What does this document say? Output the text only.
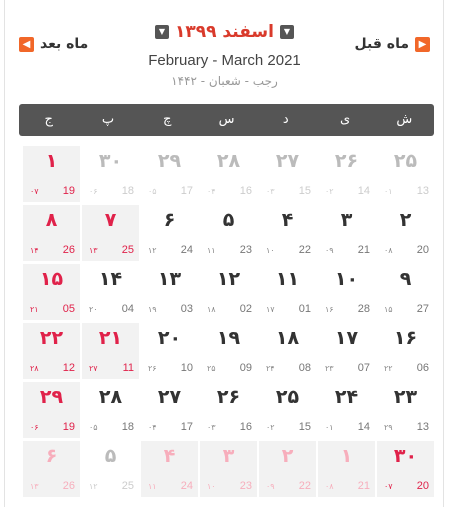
◀ ماه بعد
▼ اسفند ۱۳۹۹	▼
ماه قبل ▶
February - March 2021
رجب - شعبان - ۱۴۴۲
ش
ی
د
س
چ
پ
ج
۲۵
13
۰۱
۲۶
14
۰۲
۲۷
15
۰۳
۲۸
16
۰۴
۲۹
17
۰۵
۳۰
18
۰۶
۱
19
۰۷
۲
20
۰۸
۳
21
۰۹
۴
22
۱۰
۵
23
۱۱
۶
24
۱۲
۷
25
۱۳
۸
26
۱۴
۹
27
۱۵
۱۰
28
۱۶
۱۱
01
۱۷
۱۲
02
۱۸
۱۳
03
۱۹
۱۴
04
۲۰
۱۵
05
۲۱
۱۶
06
۲۲
۱۷
07
۲۳
۱۸
08
۲۴
۱۹
09
۲۵
۲۰
10
۲۶
۲۱
11
۲۷
۲۲
12
۲۸
۲۳
13
۲۹
۲۴
14
۰۱
۲۵
15
۰۲
۲۶
16
۰۳
۲۷
17
۰۴
۲۸
18
۰۵
۲۹
19
۰۶
۳۰
20
۰۷
۱
21
۰۸
۲
22
۰۹
۳
23
۱۰
۴
24
۱۱
۵
25
۱۲
۶
26
۱۳
